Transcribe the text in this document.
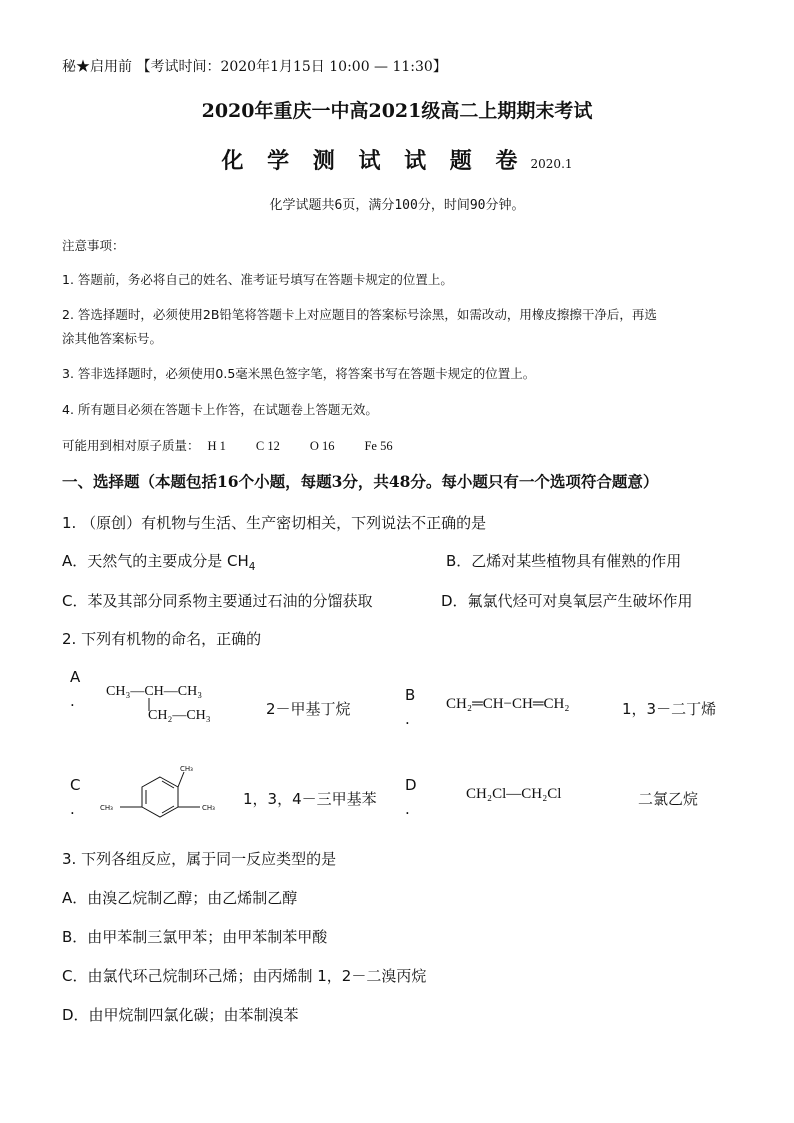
秘★启用前 【考试时间：2020年1月15日 10:00 — 11:30】
2020年重庆一中高2021级高二上期期末考试
化 学 测 试 试 题 卷 2020.1
化学试题共6页，满分100分，时间90分钟。
注意事项：
1. 答题前，务必将自己的姓名、准考证号填写在答题卡规定的位置上。
2. 答选择题时，必须使用2B铅笔将答题卡上对应题目的答案标号涂黑，如需改动，用橡皮擦擦干净后，再选
涂其他答案标号。
3. 答非选择题时，必须使用0.5毫米黑色签字笔，将答案书写在答题卡规定的位置上。
4. 所有题目必须在答题卡上作答，在试题卷上答题无效。
可能用到相对原子质量： H 1 C 12 O 16 Fe 56
一、选择题（本题包括16个小题，每题3分，共48分。每小题只有一个选项符合题意）
1. （原创）有机物与生活、生产密切相关，下列说法不正确的是
A．天然气的主要成分是 $CH_4$	B．乙烯对某些植物具有催熟的作用
C．苯及其部分同系物主要通过石油的分馏获取	D．氟氯代烃可对臭氧层产生破坏作用
2. 下列有机物的命名，正确的
A
.
CH₃—CH—CH₃
CH₂—CH₃	2－甲基丁烷
B
.
CH₂═CH−CH═CH₂	1，3－二丁烯
C
.
CH₃
CH₃
CH₃	1，3，4－三甲基苯
D
.
CH₂Cl—CH₂Cl	二氯乙烷
3. 下列各组反应，属于同一反应类型的是
A．由溴乙烷制乙醇；由乙烯制乙醇
B．由甲苯制三氯甲苯；由甲苯制苯甲酸
C．由氯代环己烷制环己烯；由丙烯制 1，2－二溴丙烷
D．由甲烷制四氯化碳；由苯制溴苯
